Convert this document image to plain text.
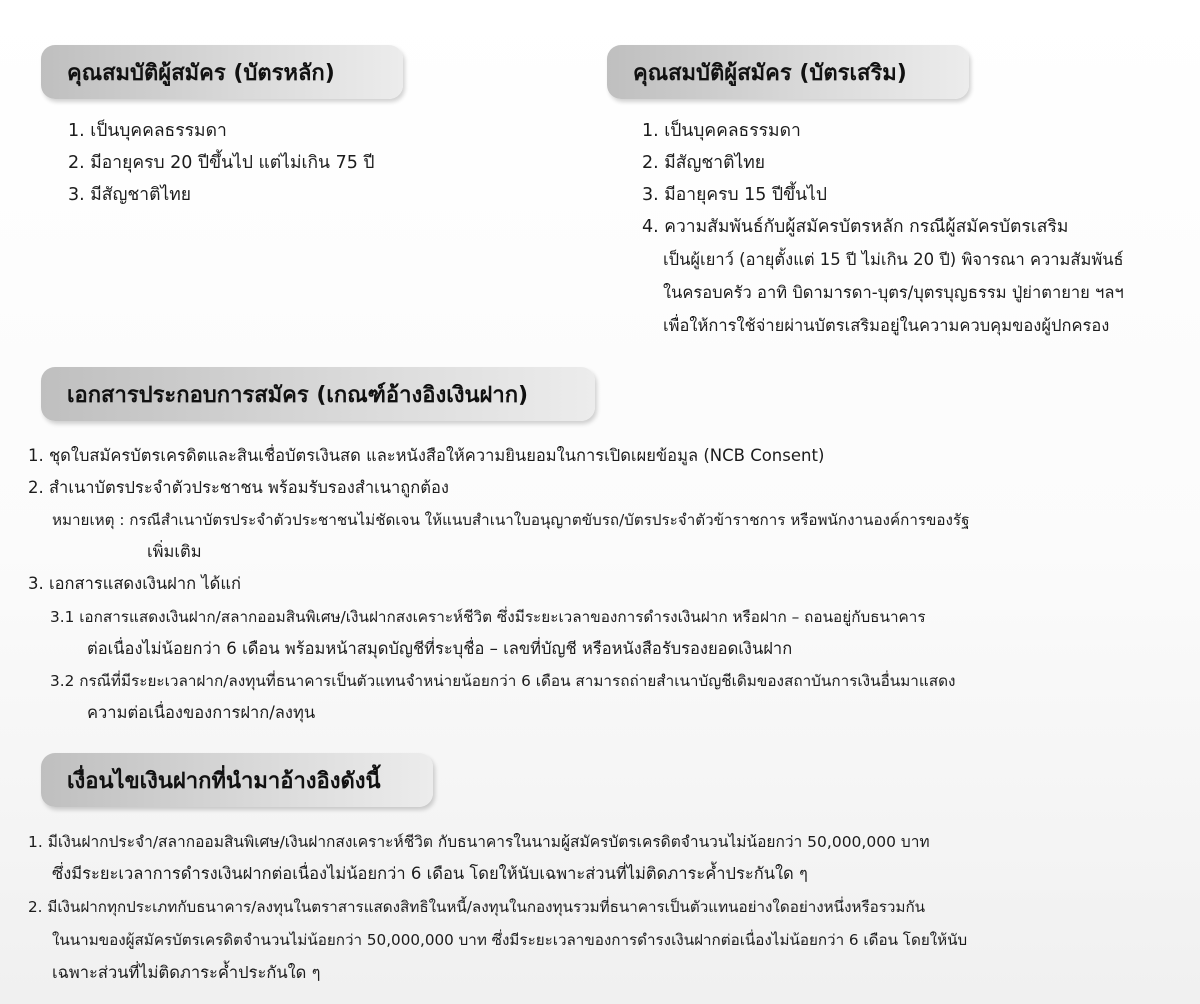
คุณสมบัติผู้สมัคร (บัตรหลัก)
1. เป็นบุคคลธรรมดา
2. มีอายุครบ 20 ปีขึ้นไป แต่ไม่เกิน 75 ปี
3. มีสัญชาติไทย
คุณสมบัติผู้สมัคร (บัตรเสริม)
1. เป็นบุคคลธรรมดา
2. มีสัญชาติไทย
3. มีอายุครบ 15 ปีขึ้นไป
4. ความสัมพันธ์กับผู้สมัครบัตรหลัก กรณีผู้สมัครบัตรเสริม
เป็นผู้เยาว์ (อายุตั้งแต่ 15 ปี ไม่เกิน 20 ปี) พิจารณา ความสัมพันธ์
ในครอบครัว อาทิ บิดามารดา-บุตร/บุตรบุญธรรม ปู่ย่าตายาย ฯลฯ
เพื่อให้การใช้จ่ายผ่านบัตรเสริมอยู่ในความควบคุมของผู้ปกครอง
เอกสารประกอบการสมัคร (เกณฑ์อ้างอิงเงินฝาก)
1. ชุดใบสมัครบัตรเครดิตและสินเชื่อบัตรเงินสด และหนังสือให้ความยินยอมในการเปิดเผยข้อมูล (NCB Consent)
2. สำเนาบัตรประจำตัวประชาชน พร้อมรับรองสำเนาถูกต้อง
หมายเหตุ : กรณีสำเนาบัตรประจำตัวประชาชนไม่ชัดเจน ให้แนบสำเนาใบอนุญาตขับรถ/บัตรประจำตัวข้าราชการ หรือพนักงานองค์การของรัฐ
เพิ่มเติม
3. เอกสารแสดงเงินฝาก ได้แก่
3.1 เอกสารแสดงเงินฝาก/สลากออมสินพิเศษ/เงินฝากสงเคราะห์ชีวิต ซึ่งมีระยะเวลาของการดำรงเงินฝาก หรือฝาก – ถอนอยู่กับธนาคาร
ต่อเนื่องไม่น้อยกว่า 6 เดือน พร้อมหน้าสมุดบัญชีที่ระบุชื่อ – เลขที่บัญชี หรือหนังสือรับรองยอดเงินฝาก
3.2 กรณีที่มีระยะเวลาฝาก/ลงทุนที่ธนาคารเป็นตัวแทนจำหน่ายน้อยกว่า 6 เดือน สามารถถ่ายสำเนาบัญชีเดิมของสถาบันการเงินอื่นมาแสดง
ความต่อเนื่องของการฝาก/ลงทุน
เงื่อนไขเงินฝากที่นำมาอ้างอิงดังนี้
1. มีเงินฝากประจำ/สลากออมสินพิเศษ/เงินฝากสงเคราะห์ชีวิต กับธนาคารในนามผู้สมัครบัตรเครดิตจำนวนไม่น้อยกว่า 50,000,000 บาท
ซึ่งมีระยะเวลาการดำรงเงินฝากต่อเนื่องไม่น้อยกว่า 6 เดือน โดยให้นับเฉพาะส่วนที่ไม่ติดภาระค้ำประกันใด ๆ
2. มีเงินฝากทุกประเภทกับธนาคาร/ลงทุนในตราสารแสดงสิทธิในหนี้/ลงทุนในกองทุนรวมที่ธนาคารเป็นตัวแทนอย่างใดอย่างหนึ่งหรือรวมกัน
ในนามของผู้สมัครบัตรเครดิตจำนวนไม่น้อยกว่า 50,000,000 บาท ซึ่งมีระยะเวลาของการดำรงเงินฝากต่อเนื่องไม่น้อยกว่า 6 เดือน โดยให้นับ
เฉพาะส่วนที่ไม่ติดภาระค้ำประกันใด ๆ
